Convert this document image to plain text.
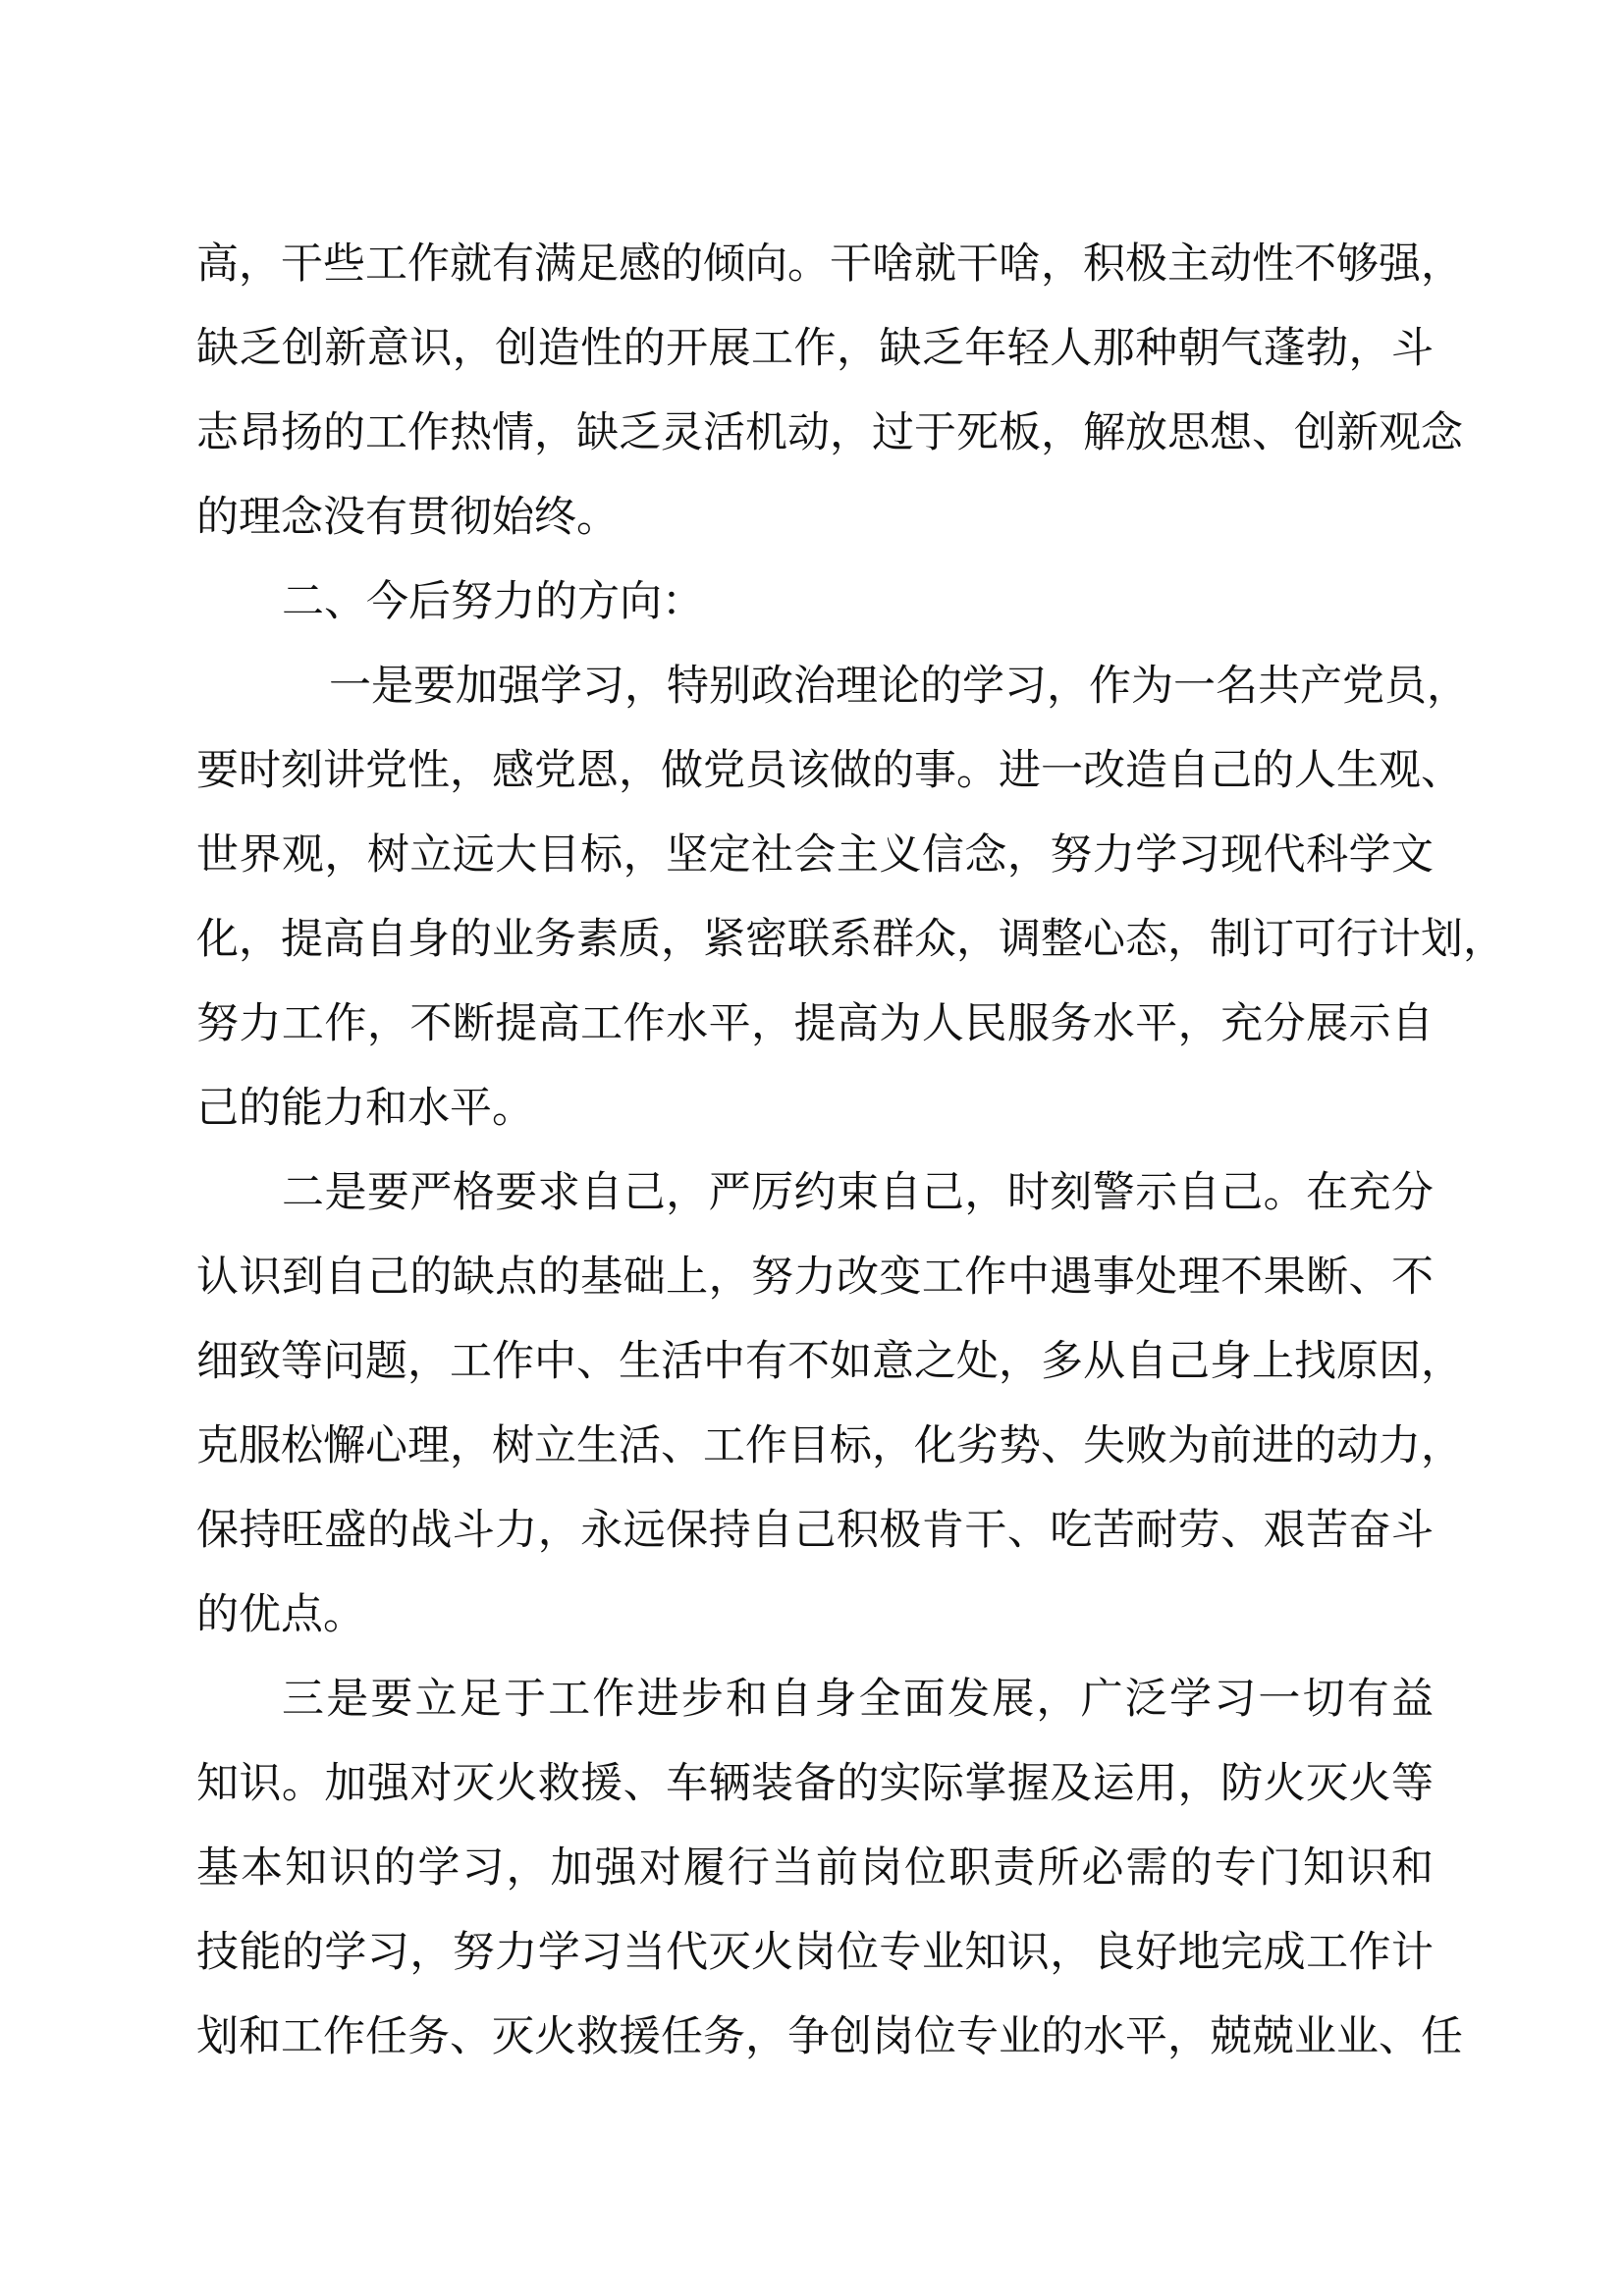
高，干些工作就有满足感的倾向。干啥就干啥，积极主动性不够强，
缺乏创新意识，创造性的开展工作，缺乏年轻人那种朝气蓬勃，斗
志昂扬的工作热情，缺乏灵活机动，过于死板，解放思想、创新观念
的理念没有贯彻始终。
二、今后努力的方向：
一是要加强学习，特别政治理论的学习，作为一名共产党员，
要时刻讲党性，感党恩，做党员该做的事。进一改造自己的人生观、
世界观，树立远大目标，坚定社会主义信念，努力学习现代科学文
化，提高自身的业务素质，紧密联系群众，调整心态，制订可行计划，
努力工作，不断提高工作水平，提高为人民服务水平，充分展示自
己的能力和水平。
二是要严格要求自己，严厉约束自己，时刻警示自己。在充分
认识到自己的缺点的基础上，努力改变工作中遇事处理不果断、不
细致等问题，工作中、生活中有不如意之处，多从自己身上找原因，
克服松懈心理，树立生活、工作目标，化劣势、失败为前进的动力，
保持旺盛的战斗力，永远保持自己积极肯干、吃苦耐劳、艰苦奋斗
的优点。
三是要立足于工作进步和自身全面发展，广泛学习一切有益
知识。加强对灭火救援、车辆装备的实际掌握及运用，防火灭火等
基本知识的学习，加强对履行当前岗位职责所必需的专门知识和
技能的学习，努力学习当代灭火岗位专业知识，良好地完成工作计
划和工作任务、灭火救援任务，争创岗位专业的水平，兢兢业业、任
